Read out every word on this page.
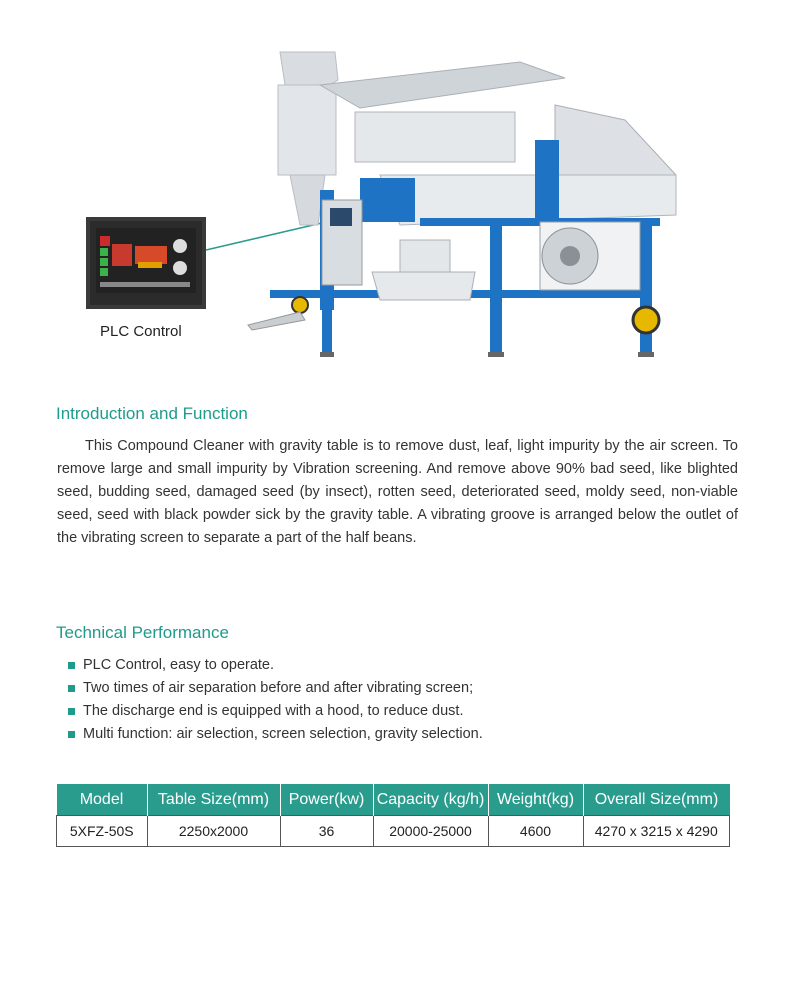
PLC Control
Introduction and Function

This Compound Cleaner with gravity table is to remove dust, leaf, light impurity by the air screen. To remove large and small impurity by Vibration screening. And remove above 90% bad seed, like blighted seed, budding seed, damaged seed (by insect), rotten seed, deteriorated seed, moldy seed, non-viable seed, seed with black powder sick by the gravity table. A vibrating groove is arranged below the outlet of the vibrating screen to separate a part of the half beans.

Technical Performance
PLC Control, easy to operate.
Two times of air separation before and after vibrating screen;
The discharge end is equipped with a hood, to reduce dust.
Multi function: air selection, screen selection, gravity selection.
Model	Table Size(mm)	Power(kw)	Capacity (kg/h)	Weight(kg)	Overall Size(mm)
5XFZ-50S	2250x2000	36	20000-25000	4600	4270 x 3215 x 4290
